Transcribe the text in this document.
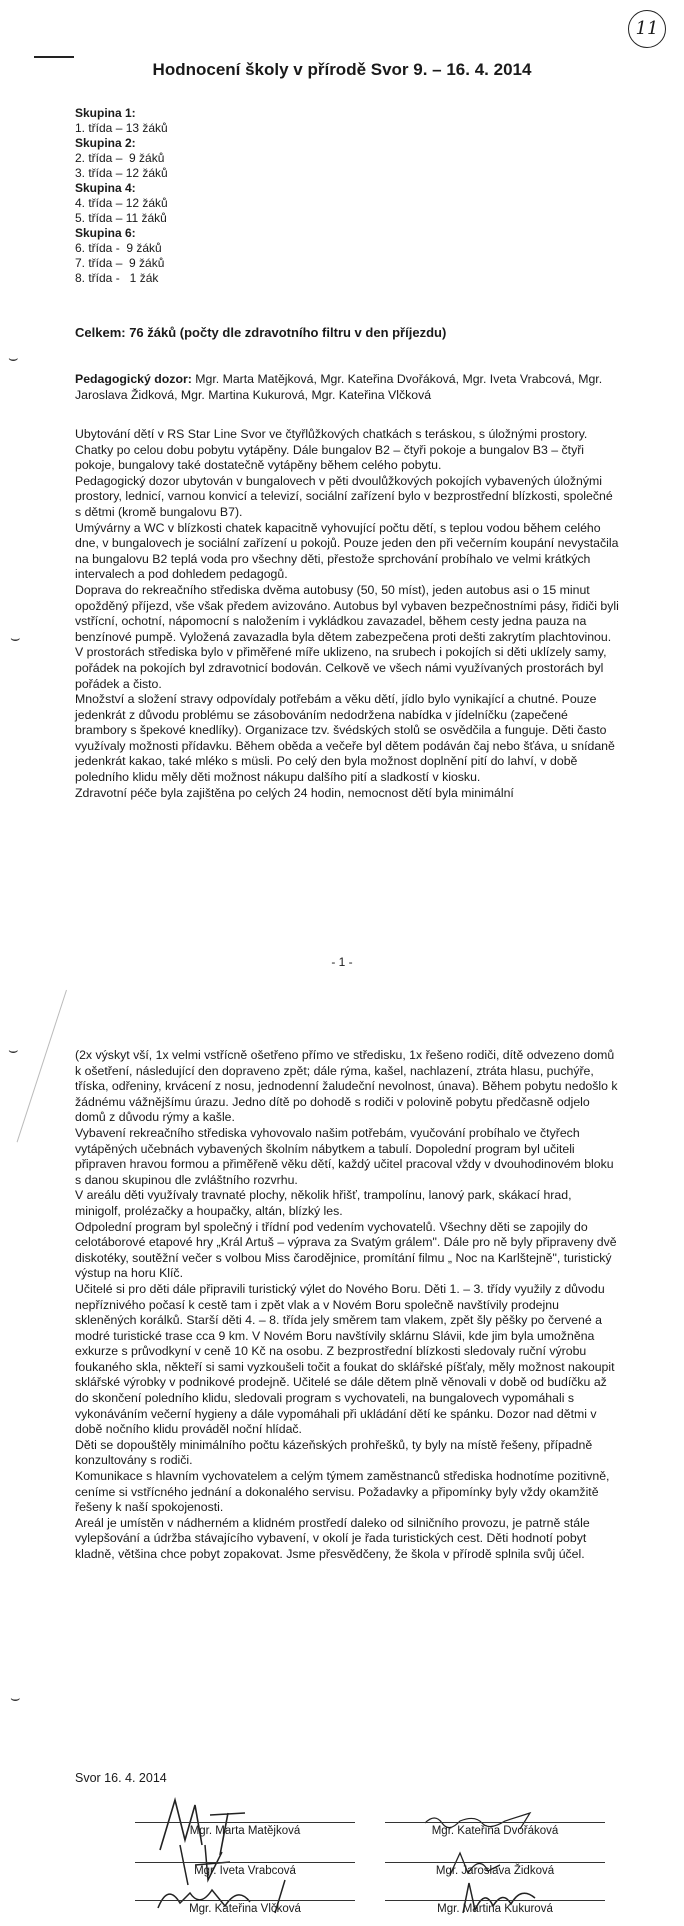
11
Hodnocení školy v přírodě Svor 9. – 16. 4. 2014
Skupina 1:
1. třída – 13 žáků
Skupina 2:
2. třída –  9 žáků
3. třída – 12 žáků
Skupina 4:
4. třída – 12 žáků
5. třída – 11 žáků
Skupina 6:
6. třída -  9 žáků
7. třída –  9 žáků
8. třída -   1 žák
Celkem: 76 žáků (počty dle zdravotního filtru v den příjezdu)
Pedagogický dozor: Mgr. Marta Matějková, Mgr. Kateřina Dvořáková, Mgr. Iveta Vrabcová, Mgr. Jaroslava Židková, Mgr. Martina Kukurová, Mgr. Kateřina Vlčková

Ubytování dětí v RS Star Line Svor ve čtyřlůžkových chatkách s teráskou, s úložnými prostory. Chatky po celou dobu pobytu vytápěny. Dále bungalov B2 – čtyři pokoje a bungalov B3 – čtyři pokoje, bungalovy také dostatečně vytápěny během celého pobytu.

Pedagogický dozor ubytován v bungalovech v pěti dvoulůžkových pokojích vybavených úložnými prostory, lednicí, varnou konvicí a televizí, sociální zařízení bylo v bezprostřední blízkosti, společné s dětmi (kromě bungalovu B7).

Umývárny a WC v blízkosti chatek kapacitně vyhovující počtu dětí, s teplou vodou během celého dne, v bungalovech je sociální zařízení u pokojů. Pouze jeden den při večerním koupání nevystačila na bungalovu B2 teplá voda pro všechny děti, přestože sprchování probíhalo ve velmi krátkých intervalech a pod dohledem pedagogů.

Doprava do rekreačního střediska dvěma autobusy (50, 50 míst), jeden autobus asi o 15 minut opožděný příjezd, vše však předem avizováno. Autobus byl vybaven bezpečnostními pásy, řidiči byli vstřícní, ochotní, nápomocní s naložením i vykládkou zavazadel, během cesty jedna pauza na benzínové pumpě. Vyložená zavazadla byla dětem zabezpečena proti dešti zakrytím plachtovinou.

V prostorách střediska bylo v přiměřené míře uklizeno, na srubech i pokojích si děti uklízely samy, pořádek na pokojích byl zdravotnicí bodován. Celkově ve všech námi využívaných prostorách byl pořádek a čisto.

Množství a složení stravy odpovídaly potřebám a věku dětí, jídlo bylo vynikající a chutné. Pouze jedenkrát z důvodu problému se zásobováním nedodržena nabídka v jídelníčku (zapečené brambory s špekové knedlíky). Organizace tzv. švédských stolů se osvědčila a funguje. Děti často využívaly možnosti přídavku. Během oběda a večeře byl dětem podáván čaj nebo šťáva, u snídaně jedenkrát kakao, také mléko s müsli. Po celý den byla možnost doplnění pití do lahví, v době poledního klidu měly děti možnost nákupu dalšího pití a sladkostí v kiosku.

Zdravotní péče byla zajištěna po celých 24 hodin, nemocnost dětí byla minimální

- 1 -

(2x výskyt vší, 1x velmi vstřícně ošetřeno přímo ve středisku, 1x řešeno rodiči, dítě odvezeno domů k ošetření, následující den dopraveno zpět; dále rýma, kašel, nachlazení, ztráta hlasu, puchýře, tříska, odřeniny, krvácení z nosu, jednodenní žaludeční nevolnost, únava). Během pobytu nedošlo k žádnému vážnějšímu úrazu. Jedno dítě po dohodě s rodiči v polovině pobytu předčasně odjelo domů z důvodu rýmy a kašle.

Vybavení rekreačního střediska vyhovovalo našim potřebám, vyučování probíhalo ve čtyřech vytápěných učebnách vybavených školním nábytkem a tabulí. Dopolední program byl učiteli připraven hravou formou a přiměřeně věku dětí, každý učitel pracoval vždy v dvouhodinovém bloku s danou skupinou dle zvláštního rozvrhu.

V areálu děti využívaly travnaté plochy, několik hřišť, trampolínu, lanový park, skákací hrad, minigolf, prolézačky a houpačky, altán, blízký les.

Odpolední program byl společný i třídní pod vedením vychovatelů. Všechny děti se zapojily do celotáborové etapové hry „Král Artuš – výprava za Svatým grálem". Dále pro ně byly připraveny dvě diskotéky, soutěžní večer s volbou Miss čarodějnice, promítání filmu „ Noc na Karlštejně", turistický výstup na horu Klíč.

Učitelé si pro děti dále připravili turistický výlet do Nového Boru. Děti 1. – 3. třídy využily z důvodu nepříznivého počasí k cestě tam i zpět vlak a v Novém Boru společně navštívily prodejnu skleněných korálků. Starší děti 4. – 8. třída jely směrem tam vlakem, zpět šly pěšky po červené a modré turistické trase cca 9 km. V Novém Boru navštívily sklárnu Slávii, kde jim byla umožněna exkurze s průvodkyní v ceně 10 Kč na osobu. Z bezprostřední blízkosti sledovaly ruční výrobu foukaného skla, někteří si sami vyzkoušeli točit a foukat do sklářské píšťaly, měly možnost nakoupit sklářské výrobky v podnikové prodejně. Učitelé se dále dětem plně věnovali v době od budíčku až do skončení poledního klidu, sledovali program s vychovateli, na bungalovech vypomáhali s vykonáváním večerní hygieny a dále vypomáhali při ukládání dětí ke spánku. Dozor nad dětmi v době nočního klidu prováděl noční hlídač.

Děti se dopouštěly minimálního počtu kázeňských prohřešků, ty byly na místě řešeny, případně konzultovány s rodiči.

Komunikace s hlavním vychovatelem a celým týmem zaměstnanců střediska hodnotíme pozitivně, ceníme si vstřícného jednání a dokonalého servisu. Požadavky a připomínky byly vždy okamžitě řešeny k naší spokojenosti.

Areál je umístěn v nádherném a klidném prostředí daleko od silničního provozu, je patrně stále vylepšování a údržba stávajícího vybavení, v okolí je řada turistických cest. Děti hodnotí pobyt kladně, většina chce pobyt zopakovat. Jsme přesvědčeny, že škola v přírodě splnila svůj účel.

⌣
⌣
⌣
⌣
Svor 16. 4. 2014
Mgr. Marta Matějková	Mgr. Kateřina Dvořáková
Mgr. Iveta Vrabcová	Mgr. Jaroslava Židková
Mgr. Kateřina Vlčková	Mgr. Martina Kukurová
